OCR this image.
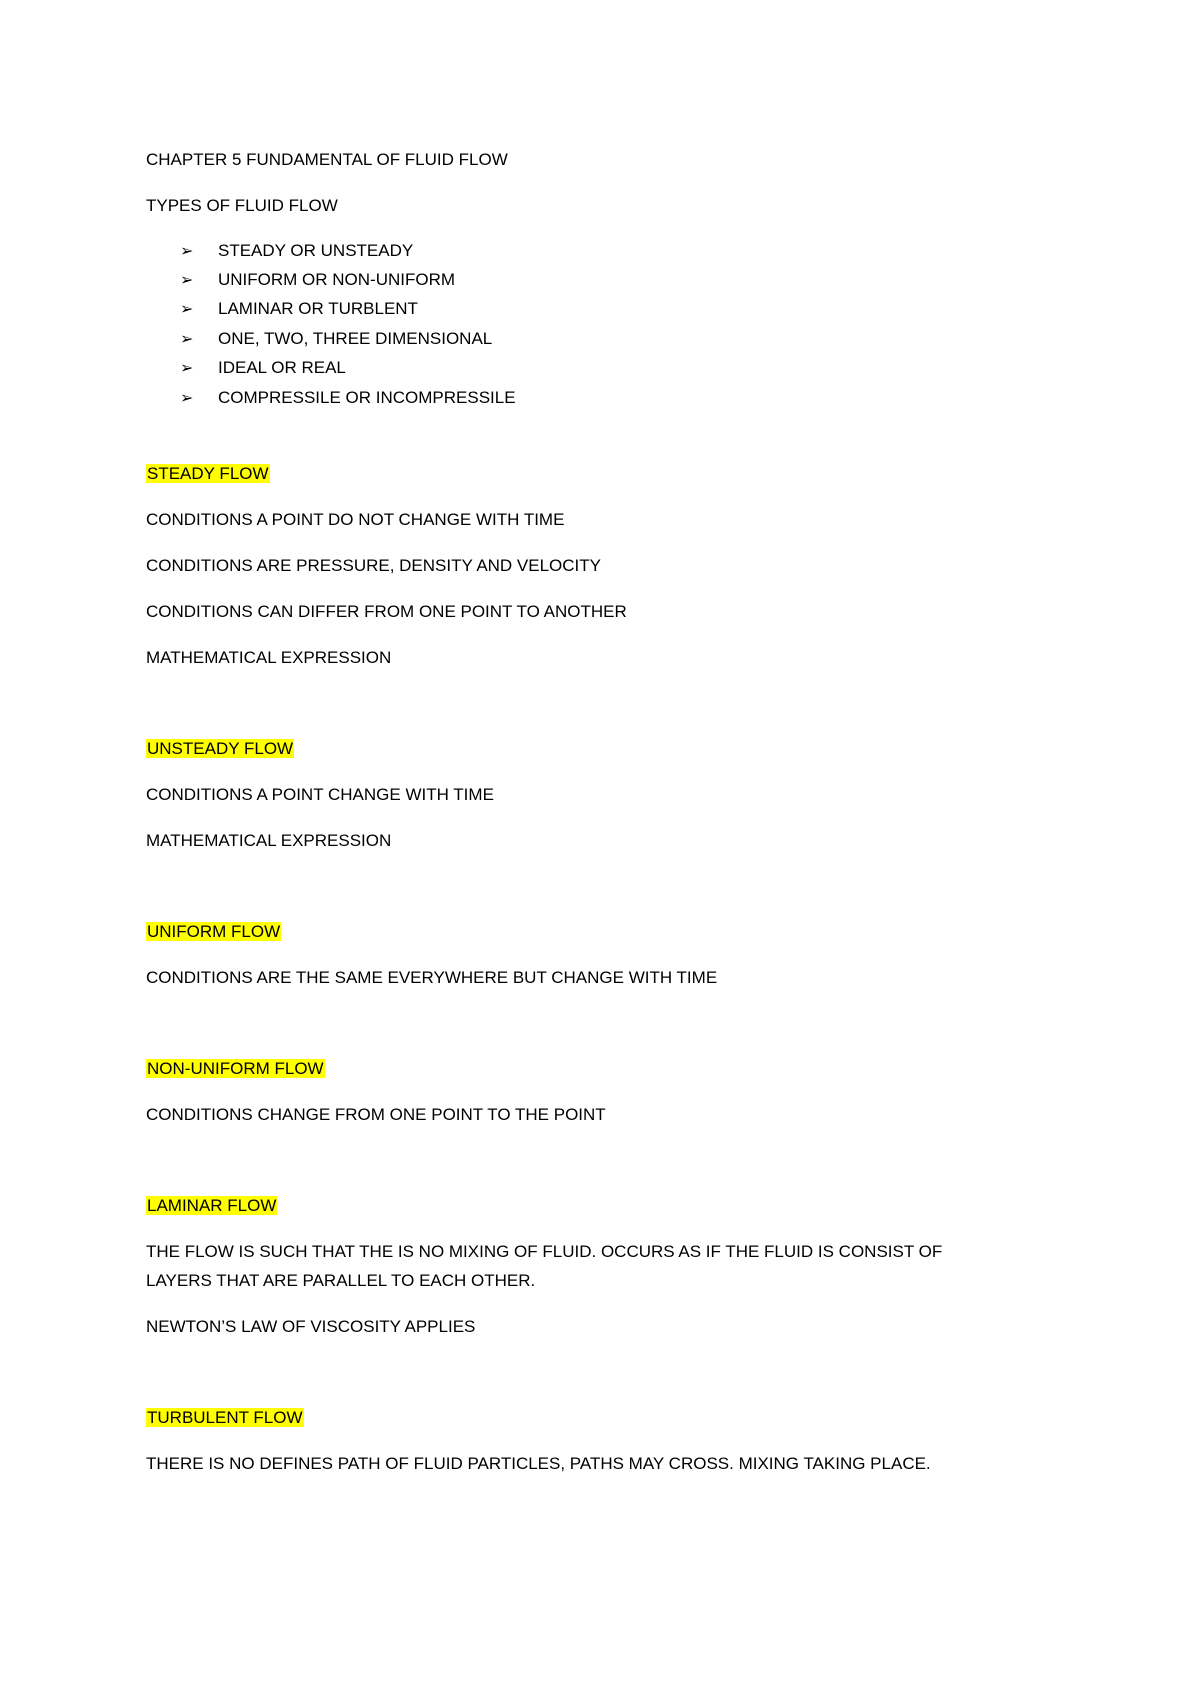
CHAPTER 5 FUNDAMENTAL OF FLUID FLOW
TYPES OF FLUID FLOW
➢ STEADY OR UNSTEADY
➢ UNIFORM OR NON-UNIFORM
➢ LAMINAR OR TURBLENT
➢ ONE, TWO, THREE DIMENSIONAL
➢ IDEAL OR REAL
➢ COMPRESSILE OR INCOMPRESSILE
STEADY FLOW
CONDITIONS A POINT DO NOT CHANGE WITH TIME
CONDITIONS ARE PRESSURE, DENSITY AND VELOCITY
CONDITIONS CAN DIFFER FROM ONE POINT TO ANOTHER
MATHEMATICAL EXPRESSION
UNSTEADY FLOW
CONDITIONS A POINT CHANGE WITH TIME
MATHEMATICAL EXPRESSION
UNIFORM FLOW
CONDITIONS ARE THE SAME EVERYWHERE BUT CHANGE WITH TIME
NON-UNIFORM FLOW
CONDITIONS CHANGE FROM ONE POINT TO THE POINT
LAMINAR FLOW
THE FLOW IS SUCH THAT THE IS NO MIXING OF FLUID. OCCURS AS IF THE FLUID IS CONSIST OF
LAYERS THAT ARE PARALLEL TO EACH OTHER.
NEWTON’S LAW OF VISCOSITY APPLIES
TURBULENT FLOW
THERE IS NO DEFINES PATH OF FLUID PARTICLES, PATHS MAY CROSS. MIXING TAKING PLACE.
